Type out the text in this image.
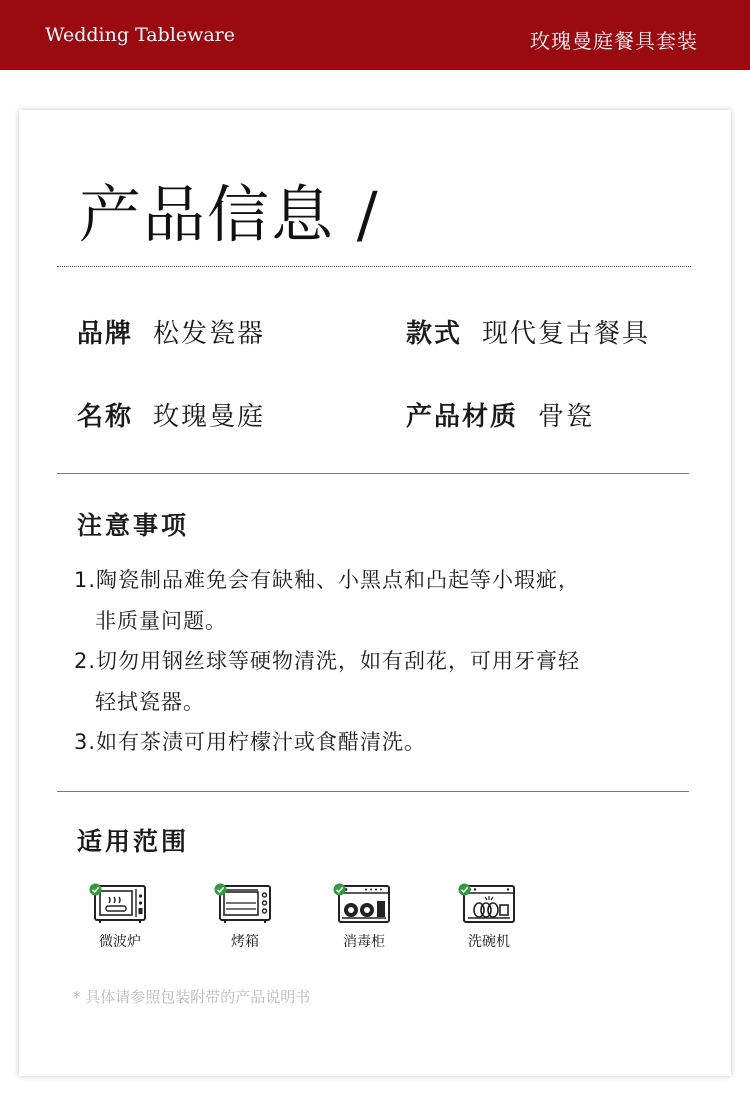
Wedding Tableware	玫瑰曼庭餐具套装
产品信息 /
品牌 松发瓷器	款式 现代复古餐具
名称 玫瑰曼庭	产品材质 骨瓷
注意事项
1.陶瓷制品难免会有缺釉、小黑点和凸起等小瑕疵，
非质量问题。
2.切勿用钢丝球等硬物清洗，如有刮花，可用牙膏轻
轻拭瓷器。
3.如有茶渍可用柠檬汁或食醋清洗。
适用范围
微波炉	烤箱	消毒柜	洗碗机
* 具体请参照包装附带的产品说明书
